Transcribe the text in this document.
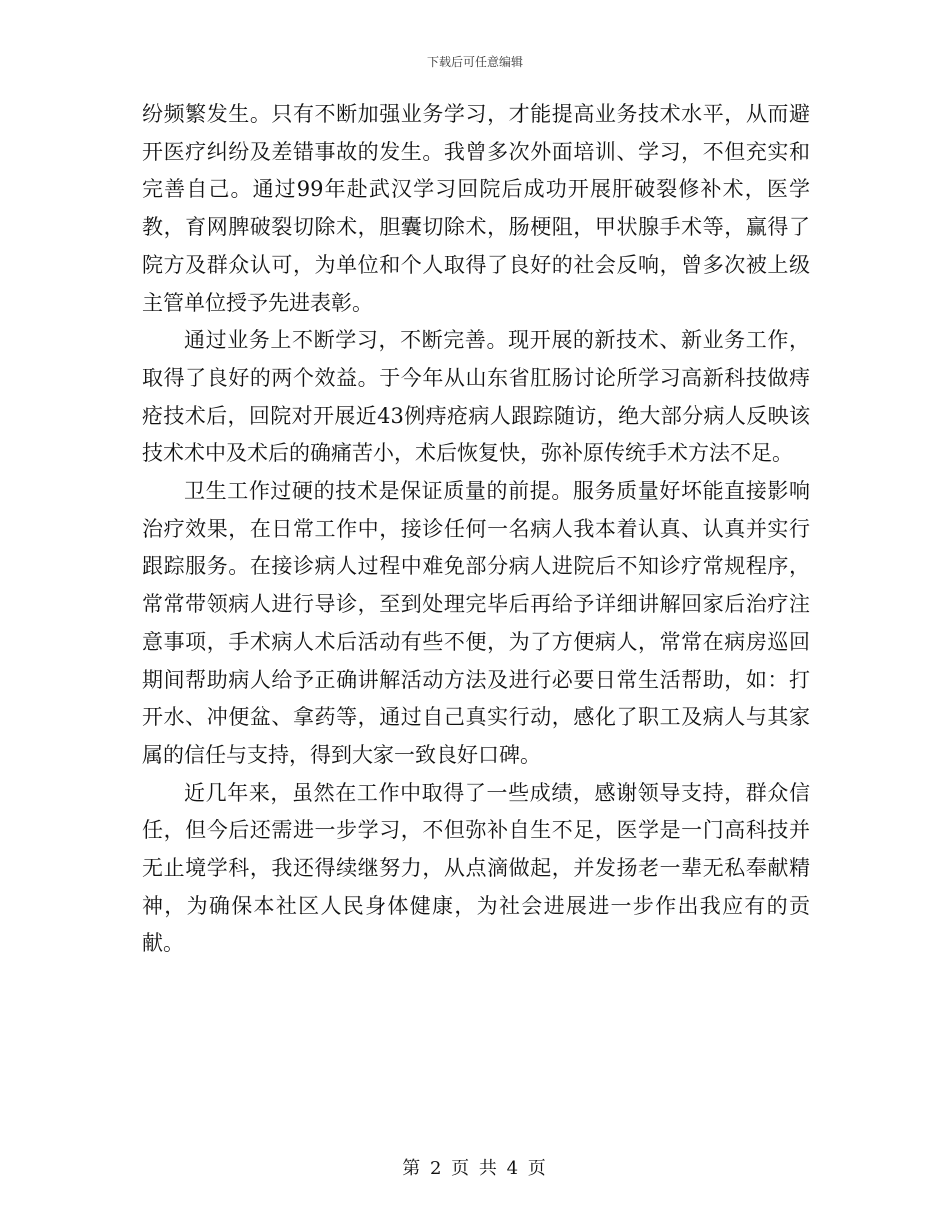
下载后可任意编辑

纷频繁发生。只有不断加强业务学习，才能提高业务技术水平，从而避开医疗纠纷及差错事故的发生。我曾多次外面培训、学习，不但充实和完善自己。通过99年赴武汉学习回院后成功开展肝破裂修补术，医学教，育网脾破裂切除术，胆囊切除术，肠梗阻，甲状腺手术等，赢得了院方及群众认可，为单位和个人取得了良好的社会反响，曾多次被上级主管单位授予先进表彰。

通过业务上不断学习，不断完善。现开展的新技术、新业务工作，取得了良好的两个效益。于今年从山东省肛肠讨论所学习高新科技做痔疮技术后，回院对开展近43例痔疮病人跟踪随访，绝大部分病人反映该技术术中及术后的确痛苦小，术后恢复快，弥补原传统手术方法不足。

卫生工作过硬的技术是保证质量的前提。服务质量好坏能直接影响治疗效果，在日常工作中，接诊任何一名病人我本着认真、认真并实行跟踪服务。在接诊病人过程中难免部分病人进院后不知诊疗常规程序，常常带领病人进行导诊，至到处理完毕后再给予详细讲解回家后治疗注意事项，手术病人术后活动有些不便，为了方便病人，常常在病房巡回期间帮助病人给予正确讲解活动方法及进行必要日常生活帮助，如：打开水、冲便盆、拿药等，通过自己真实行动，感化了职工及病人与其家属的信任与支持，得到大家一致良好口碑。

近几年来，虽然在工作中取得了一些成绩，感谢领导支持，群众信任，但今后还需进一步学习，不但弥补自生不足，医学是一门高科技并无止境学科，我还得续继努力，从点滴做起，并发扬老一辈无私奉献精神，为确保本社区人民身体健康，为社会进展进一步作出我应有的贡献。

第 2 页 共 4 页
